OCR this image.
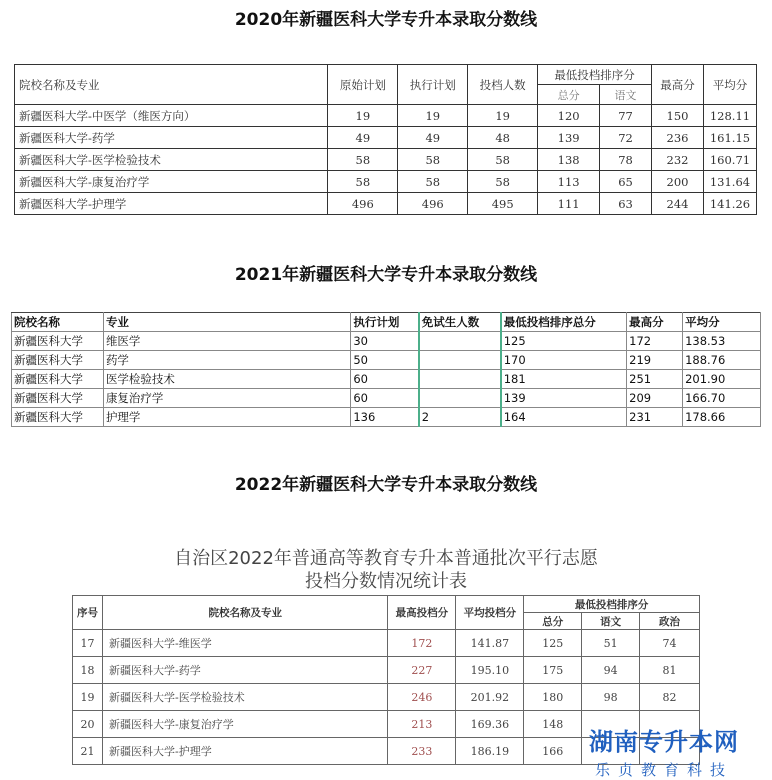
2020年新疆医科大学专升本录取分数线
院校名称及专业	原始计划	执行计划	投档人数	最低投档排序分		最高分	平均分
				总分	语文		
新疆医科大学-中医学（维医方向）	19	19	19	120	77	150	128.11
新疆医科大学-药学	49	49	48	139	72	236	161.15
新疆医科大学-医学检验技术	58	58	58	138	78	232	160.71
新疆医科大学-康复治疗学	58	58	58	113	65	200	131.64
新疆医科大学-护理学	496	496	495	111	63	244	141.26
2021年新疆医科大学专升本录取分数线
院校名称	专业	执行计划	免试生人数	最低投档排序总分	最高分	平均分
新疆医科大学	维医学	30		125	172	138.53
新疆医科大学	药学	50		170	219	188.76
新疆医科大学	医学检验技术	60		181	251	201.90
新疆医科大学	康复治疗学	60		139	209	166.70
新疆医科大学	护理学	136	2	164	231	178.66
2022年新疆医科大学专升本录取分数线
自治区2022年普通高等教育专升本普通批次平行志愿
投档分数情况统计表
序号	院校名称及专业	最高投档分	平均投档分	最低投档排序分		
				总分	语文	政治
17	新疆医科大学-维医学	172	141.87	125	51	74
18	新疆医科大学-药学	227	195.10	175	94	81
19	新疆医科大学-医学检验技术	246	201.92	180	98	82
20	新疆医科大学-康复治疗学	213	169.36	148		
21	新疆医科大学-护理学	233	186.19	166			湖南专升本网
乐贞教育科技
